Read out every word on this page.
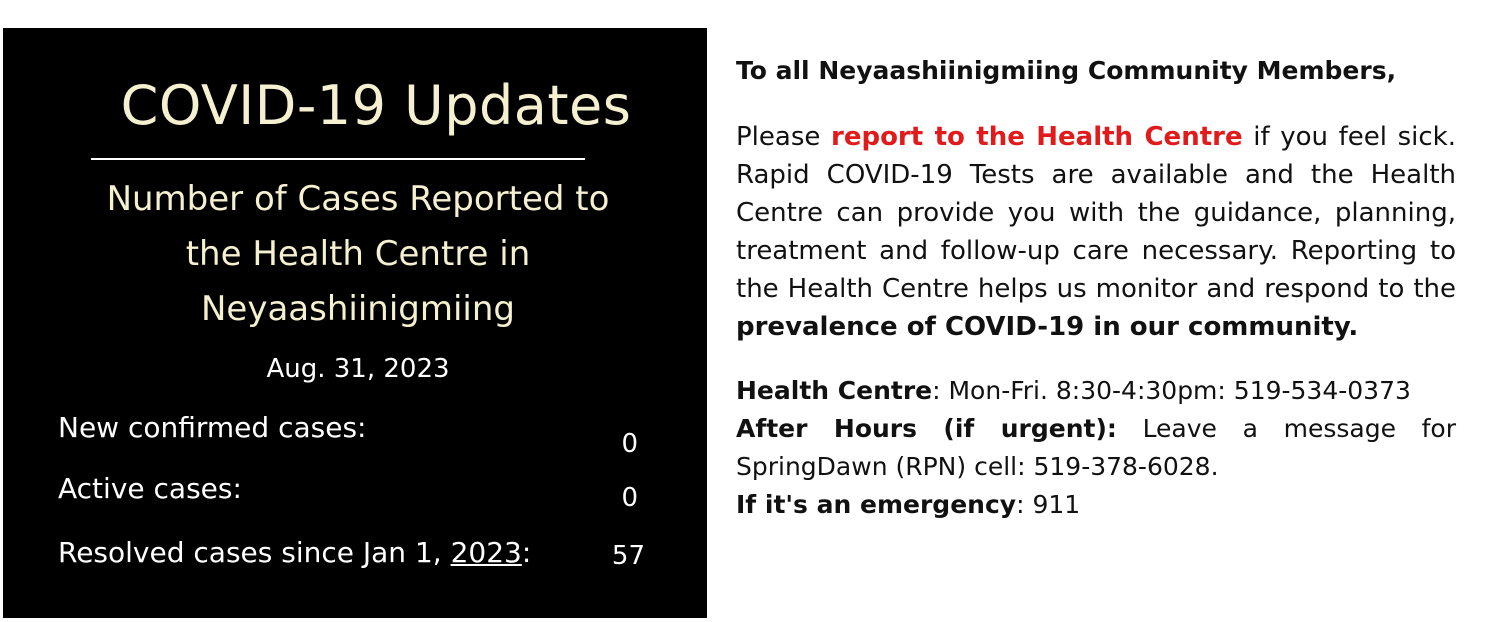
COVID-19 Updates
Number of Cases Reported to
the Health Centre in
Neyaashiinigmiing
Aug. 31, 2023
New confirmed cases:	0
Active cases:	0
Resolved cases since Jan 1, 2023:	57
To all Neyaashiinigmiing Community Members,
Please report to the Health Centre if you feel sick. Rapid COVID-19 Tests are available and the Health Centre can provide you with the guidance, planning, treatment and follow-up care necessary. Reporting to the Health Centre helps us monitor and respond to the prevalence of COVID-19 in our community.
Health Centre: Mon-Fri. 8:30-4:30pm: 519-534-0373
After Hours (if urgent): Leave a message for SpringDawn (RPN) cell: 519-378-6028.
If it's an emergency: 911
